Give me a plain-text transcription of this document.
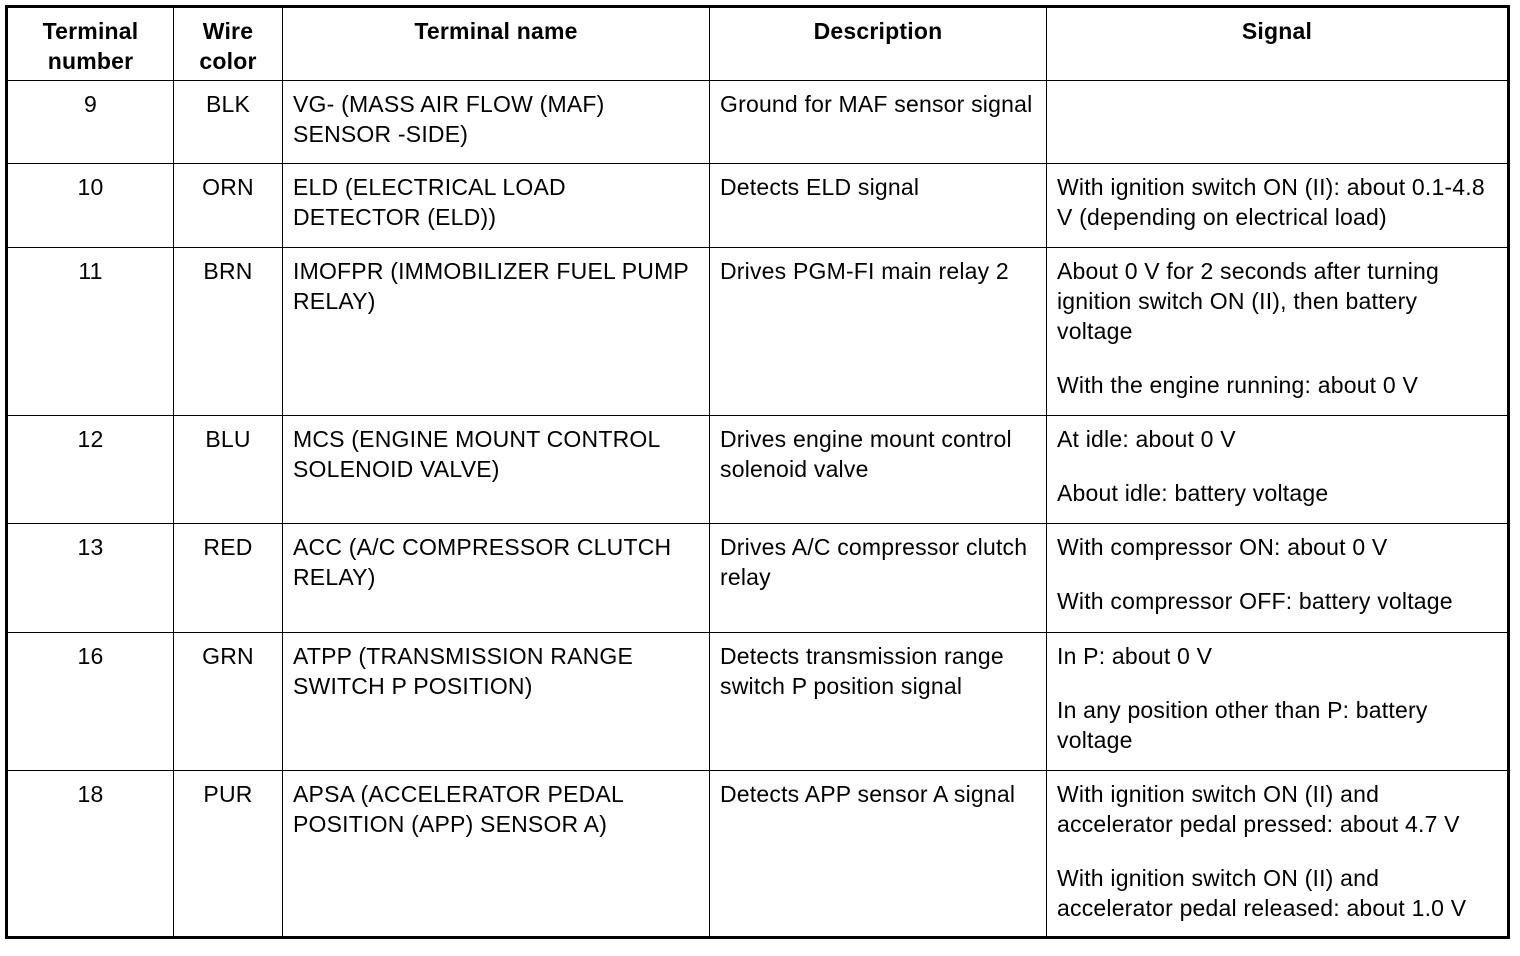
Terminal number	Wire color	Terminal name	Description	Signal
9	BLK	VG- (MASS AIR FLOW (MAF) SENSOR -SIDE)	Ground for MAF sensor signal	
10	ORN	ELD (ELECTRICAL LOAD DETECTOR (ELD))	Detects ELD signal	With ignition switch ON (II): about 0.1-4.8 V (depending on electrical load)

11	BRN	IMOFPR (IMMOBILIZER FUEL PUMP RELAY)	Drives PGM-FI main relay 2	About 0 V for 2 seconds after turning ignition switch ON (II), then battery voltage

With the engine running: about 0 V

12	BLU	MCS (ENGINE MOUNT CONTROL SOLENOID VALVE)	Drives engine mount control solenoid valve	At idle: about 0 V

About idle: battery voltage

13	RED	ACC (A/C COMPRESSOR CLUTCH RELAY)	Drives A/C compressor clutch relay	With compressor ON: about 0 V

With compressor OFF: battery voltage

16	GRN	ATPP (TRANSMISSION RANGE SWITCH P POSITION)	Detects transmission range switch P position signal	In P: about 0 V

In any position other than P: battery voltage

18	PUR	APSA (ACCELERATOR PEDAL POSITION (APP) SENSOR A)	Detects APP sensor A signal	With ignition switch ON (II) and accelerator pedal pressed: about 4.7 V

With ignition switch ON (II) and accelerator pedal released: about 1.0 V
